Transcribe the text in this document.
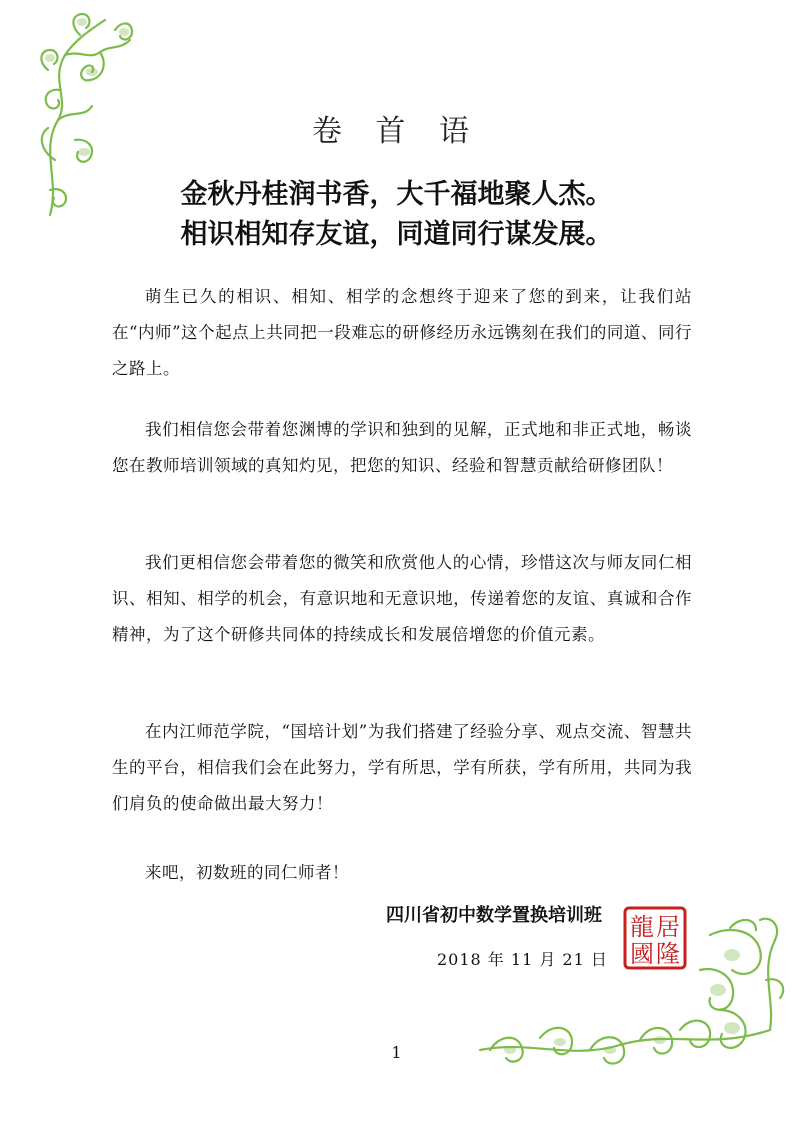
卷 首 语
金秋丹桂润书香，大千福地聚人杰。
相识相知存友谊，同道同行谋发展。

萌生已久的相识、相知、相学的念想终于迎来了您的到来，让我们站在“内师”这个起点上共同把一段难忘的研修经历永远镌刻在我们的同道、同行之路上。

我们相信您会带着您渊博的学识和独到的见解，正式地和非正式地，畅谈您在教师培训领域的真知灼见，把您的知识、经验和智慧贡献给研修团队！

我们更相信您会带着您的微笑和欣赏他人的心情，珍惜这次与师友同仁相识、相知、相学的机会，有意识地和无意识地，传递着您的友谊、真诚和合作精神，为了这个研修共同体的持续成长和发展倍增您的价值元素。

在内江师范学院，“国培计划”为我们搭建了经验分享、观点交流、智慧共生的平台，相信我们会在此努力，学有所思，学有所获，学有所用，共同为我们肩负的使命做出最大努力！

来吧，初数班的同仁师者！

四川省初中数学置换培训班
2018 年 11 月 21 日
龍 居
國 隆
1
